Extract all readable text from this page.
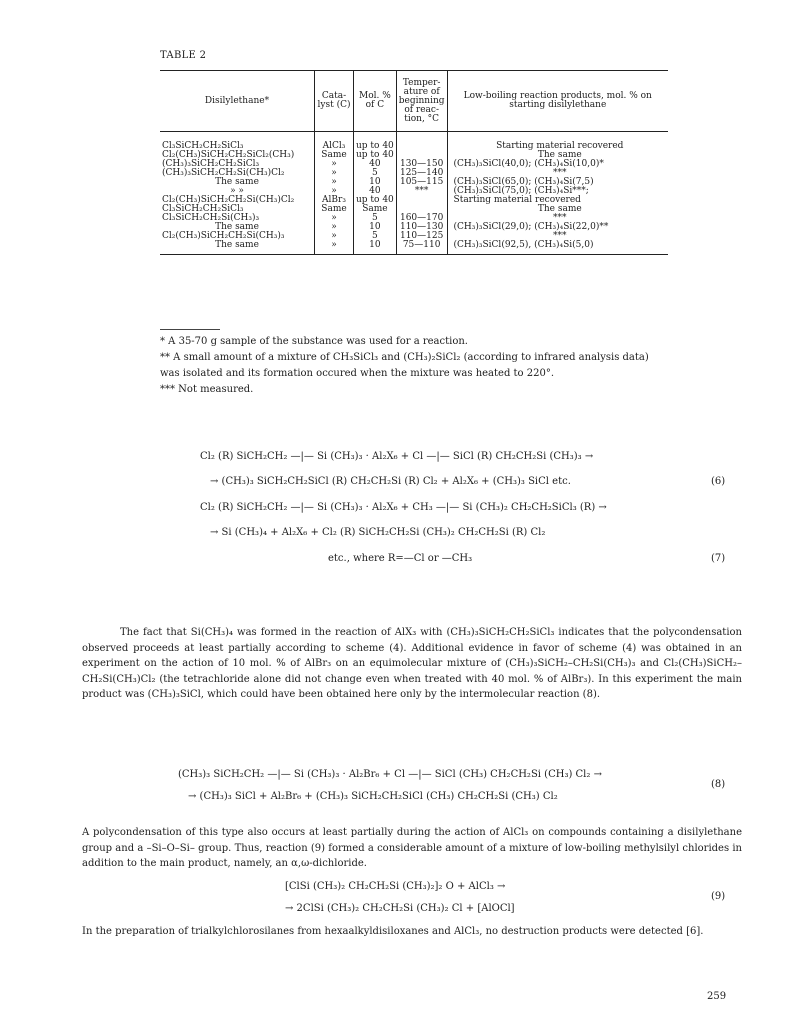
TABLE 2
Disilylethane*	Cata-lyst (C)	Mol. % of C	Temper-ature of beginning of reac-tion, °C	Low-boiling reaction products, mol. % on starting disilylethane
Cl₃SiCH₂CH₂SiCl₃	AlCl₃	up to 40		Starting material recovered
Cl₂(CH₃)SiCH₂CH₂SiCl₂(CH₃)	Same	up to 40		The same
(CH₃)₃SiCH₂CH₂SiCl₃	»	40	130—150	(CH₃)₃SiCl(40,0); (CH₃)₄Si(10,0)*
(CH₃)₃SiCH₂CH₂Si(CH₃)Cl₂	»	5	125—140	***
The same	»	10	105—115	(CH₃)₃SiCl(65,0); (CH₃)₄Si(7,5)
» »	»	40	***	(CH₃)₃SiCl(75,0); (CH₃)₄Si***;
Cl₂(CH₃)SiCH₂CH₂Si(CH₃)Cl₂	AlBr₃	up to 40		Starting material recovered
Cl₃SiCH₂CH₂SiCl₃	Same	Same		The same
Cl₃SiCH₂CH₂Si(CH₃)₃	»	5	160—170	***
The same	»	10	110—130	(CH₃)₃SiCl(29,0); (CH₃)₄Si(22,0)**
Cl₂(CH₃)SiCH₂CH₂Si(CH₃)₃	»	5	110—125	***
The same	»	10	75—110	(CH₃)₃SiCl(92,5), (CH₃)₄Si(5,0)

* A 35-70 g sample of the substance was used for a reaction.

** A small amount of a mixture of CH₃SiCl₃ and (CH₃)₂SiCl₂ (according to infrared analysis data) was isolated and its formation occured when the mixture was heated to 220°.

*** Not measured.

Cl₂ (R) SiCH₂CH₂ —|— Si (CH₃)₃ · Al₂X₆ + Cl —|— SiCl (R) CH₂CH₂Si (CH₃)₃ →
→ (CH₃)₃ SiCH₂CH₂SiCl (R) CH₂CH₂Si (R) Cl₂ + Al₂X₆ + (CH₃)₃ SiCl etc.	(6)
Cl₂ (R) SiCH₂CH₂ —|— Si (CH₃)₃ · Al₂X₆ + CH₃ —|— Si (CH₃)₂ CH₂CH₂SiCl₃ (R) →
→ Si (CH₃)₄ + Al₂X₆ + Cl₂ (R) SiCH₂CH₂Si (CH₃)₂ CH₂CH₂Si (R) Cl₂
etc., where R=—Cl or —CH₃	(7)

The fact that Si(CH₃)₄ was formed in the reaction of AlX₃ with (CH₃)₃SiCH₂CH₂SiCl₃ indicates that the polycondensation observed proceeds at least partially according to scheme (4). Additional evidence in favor of scheme (4) was obtained in an experiment on the action of 10 mol. % of AlBr₃ on an equimolecular mixture of (CH₃)₃SiCH₂–CH₂Si(CH₃)₃ and Cl₂(CH₃)SiCH₂–CH₂Si(CH₃)Cl₂ (the tetrachloride alone did not change even when treated with 40 mol. % of AlBr₃). In this experiment the main product was (CH₃)₃SiCl, which could have been obtained here only by the intermolecular reaction (8).

(CH₃)₃ SiCH₂CH₂ —|— Si (CH₃)₃ · Al₂Br₆ + Cl —|— SiCl (CH₃) CH₂CH₂Si (CH₃) Cl₂ →
→ (CH₃)₃ SiCl + Al₂Br₆ + (CH₃)₃ SiCH₂CH₂SiCl (CH₃) CH₂CH₂Si (CH₃) Cl₂
(8)

A polycondensation of this type also occurs at least partially during the action of AlCl₃ on compounds containing a disilylethane group and a –Si–O–Si– group. Thus, reaction (9) formed a considerable amount of a mixture of low-boiling methylsilyl chlorides in addition to the main product, namely, an α,ω-dichloride.

[ClSi (CH₃)₂ CH₂CH₂Si (CH₃)₂]₂ O + AlCl₃ →
→ 2ClSi (CH₃)₂ CH₂CH₂Si (CH₃)₂ Cl + [AlOCl]
(9)

In the preparation of trialkylchlorosilanes from hexaalkyldisiloxanes and AlCl₃, no destruction products were detected [6].

259
